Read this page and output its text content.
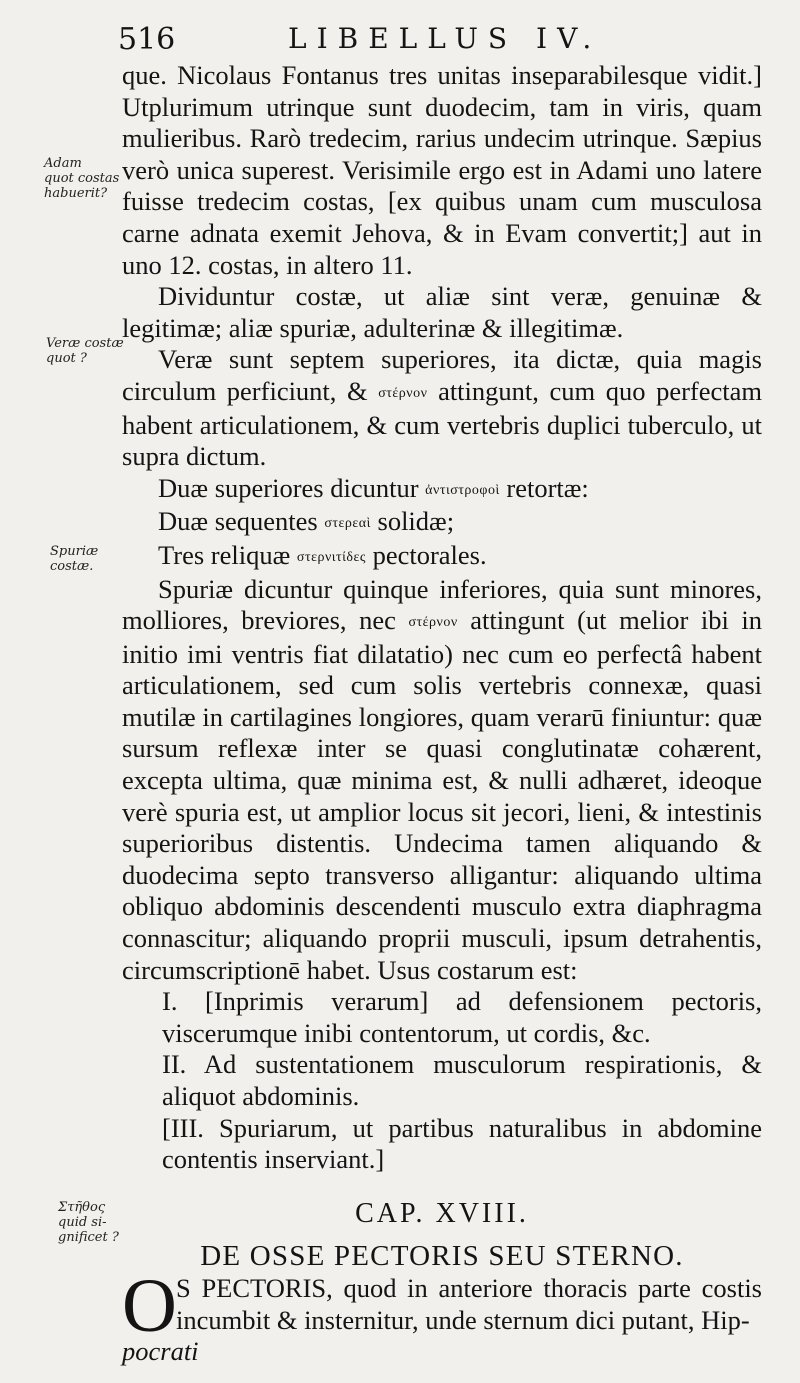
516	LIBELLUS IV.
Adam
quot costas
habuerit?
Veræ costæ
quot ?
Spuriæ
costæ.
Στῆθος
quid si-
gnificet ?

que. Nicolaus Fontanus tres unitas inseparabilesque vidit.] Utplurimum utrinque sunt duodecim, tam in viris, quam mulieribus. Rarò tredecim, rarius undecim utrinque. Sæpius verò unica superest. Verisimile ergo est in Adami uno latere fuisse tredecim costas, [ex quibus unam cum musculosa carne adnata exemit Jehova, & in Evam convertit;] aut in uno 12. costas, in altero 11.

Dividuntur costæ, ut aliæ sint veræ, genuinæ & legitimæ; aliæ spuriæ, adulterinæ & illegitimæ.

Veræ sunt septem superiores, ita dictæ, quia magis circulum perficiunt, & στέρνον attingunt, cum quo perfectam habent articulationem, & cum vertebris duplici tuberculo, ut supra dictum.

Duæ superiores dicuntur ἀντιστροφοὶ retortæ:

Duæ sequentes στερεαὶ solidæ;

Tres reliquæ στερνιτίδες pectorales.

Spuriæ dicuntur quinque inferiores, quia sunt minores, molliores, breviores, nec στέρνον attingunt (ut melior ibi in initio imi ventris fiat dilatatio) nec cum eo perfectâ habent articulationem, sed cum solis vertebris connexæ, quasi mutilæ in cartilagines longiores, quam verarū finiuntur: quæ sursum reflexæ inter se quasi conglutinatæ cohærent, excepta ultima, quæ minima est, & nulli adhæret, ideoque verè spuria est, ut amplior locus sit jecori, lieni, & intestinis superioribus distentis. Undecima tamen aliquando & duodecima septo transverso alligantur: aliquando ultima obliquo abdominis descendenti musculo extra diaphragma connascitur; aliquando proprii musculi, ipsum detrahentis, circumscriptionē habet. Usus costarum est:

I. [Inprimis verarum] ad defensionem pectoris, viscerumque inibi contentorum, ut cordis, &c.

II. Ad sustentationem musculorum respirationis, & aliquot abdominis.

[III. Spuriarum, ut partibus naturalibus in abdomine contentis inserviant.]

CAP. XVIII.
DE OSSE PECTORIS SEU STERNO.

O S PECTORIS, quod in anteriore thoracis parte costis incumbit & insternitur, unde sternum dici putant, Hip-

pocrati
